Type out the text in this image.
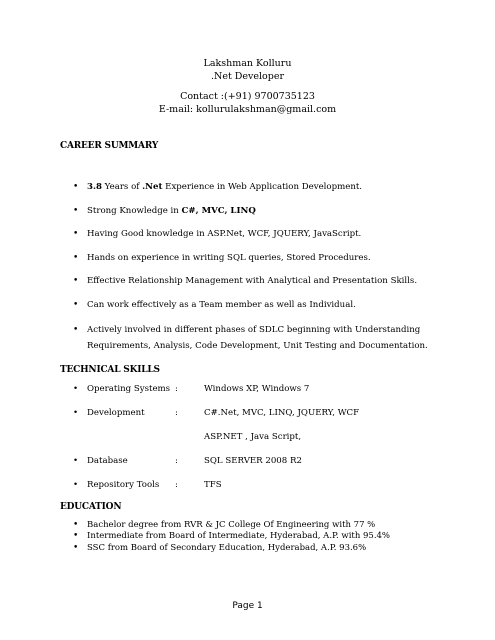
Lakshman Kolluru
.Net Developer
Contact :(+91) 9700735123
E-mail: kollurulakshman@gmail.com
CAREER SUMMARY
• 3.8 Years of .Net Experience in Web Application Development.
• Strong Knowledge in C#, MVC, LINQ
• Having Good knowledge in ASP.Net, WCF, JQUERY, JavaScript.
• Hands on experience in writing SQL queries, Stored Procedures.
• Effective Relationship Management with Analytical and Presentation Skills.
• Can work effectively as a Team member as well as Individual.
• Actively involved in different phases of SDLC beginning with Understanding Requirements, Analysis, Code Development, Unit Testing and Documentation.
TECHNICAL SKILLS
• Operating Systems :	Windows XP, Windows 7
• Development	:	C#.Net, MVC, LINQ, JQUERY, WCF
ASP.NET , Java Script,
• Database	:	SQL SERVER 2008 R2
• Repository Tools :	TFS
EDUCATION
• Bachelor degree from RVR & JC College Of Engineering with 77 %
• Intermediate from Board of Intermediate, Hyderabad, A.P. with 95.4%
• SSC from Board of Secondary Education, Hyderabad, A.P. 93.6%
Page 1
